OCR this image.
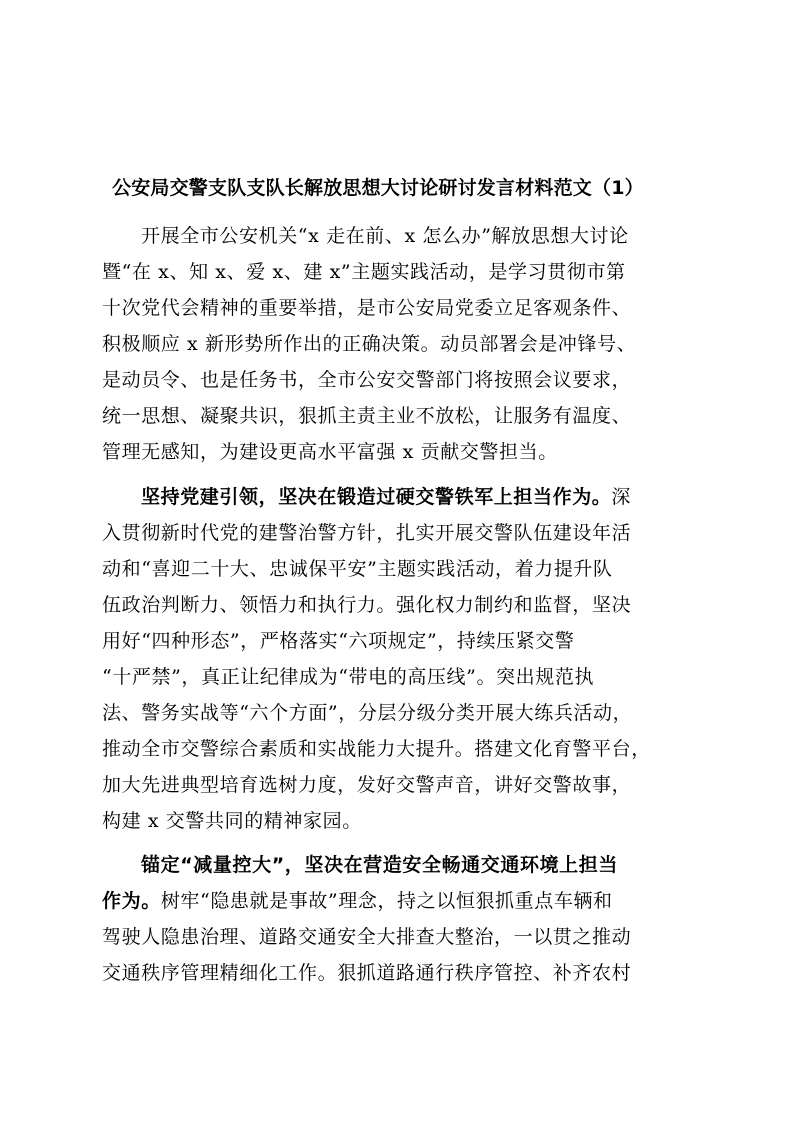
公安局交警支队支队长解放思想大讨论研讨发言材料范文（1）
开展全市公安机关“x 走在前、x 怎么办”解放思想大讨论
暨“在 x、知 x、爱 x、建 x”主题实践活动，是学习贯彻市第
十次党代会精神的重要举措，是市公安局党委立足客观条件、
积极顺应 x 新形势所作出的正确决策。动员部署会是冲锋号、
是动员令、也是任务书，全市公安交警部门将按照会议要求，
统一思想、凝聚共识，狠抓主责主业不放松，让服务有温度、
管理无感知，为建设更高水平富强 x 贡献交警担当。
坚持党建引领，坚决在锻造过硬交警铁军上担当作为。深
入贯彻新时代党的建警治警方针，扎实开展交警队伍建设年活
动和“喜迎二十大、忠诚保平安”主题实践活动，着力提升队
伍政治判断力、领悟力和执行力。强化权力制约和监督，坚决
用好“四种形态”，严格落实“六项规定”，持续压紧交警
“十严禁”，真正让纪律成为“带电的高压线”。突出规范执
法、警务实战等“六个方面”，分层分级分类开展大练兵活动，
推动全市交警综合素质和实战能力大提升。搭建文化育警平台，
加大先进典型培育选树力度，发好交警声音，讲好交警故事，
构建 x 交警共同的精神家园。
锚定“减量控大”，坚决在营造安全畅通交通环境上担当
作为。树牢“隐患就是事故”理念，持之以恒狠抓重点车辆和
驾驶人隐患治理、道路交通安全大排查大整治，一以贯之推动
交通秩序管理精细化工作。狠抓道路通行秩序管控、补齐农村
